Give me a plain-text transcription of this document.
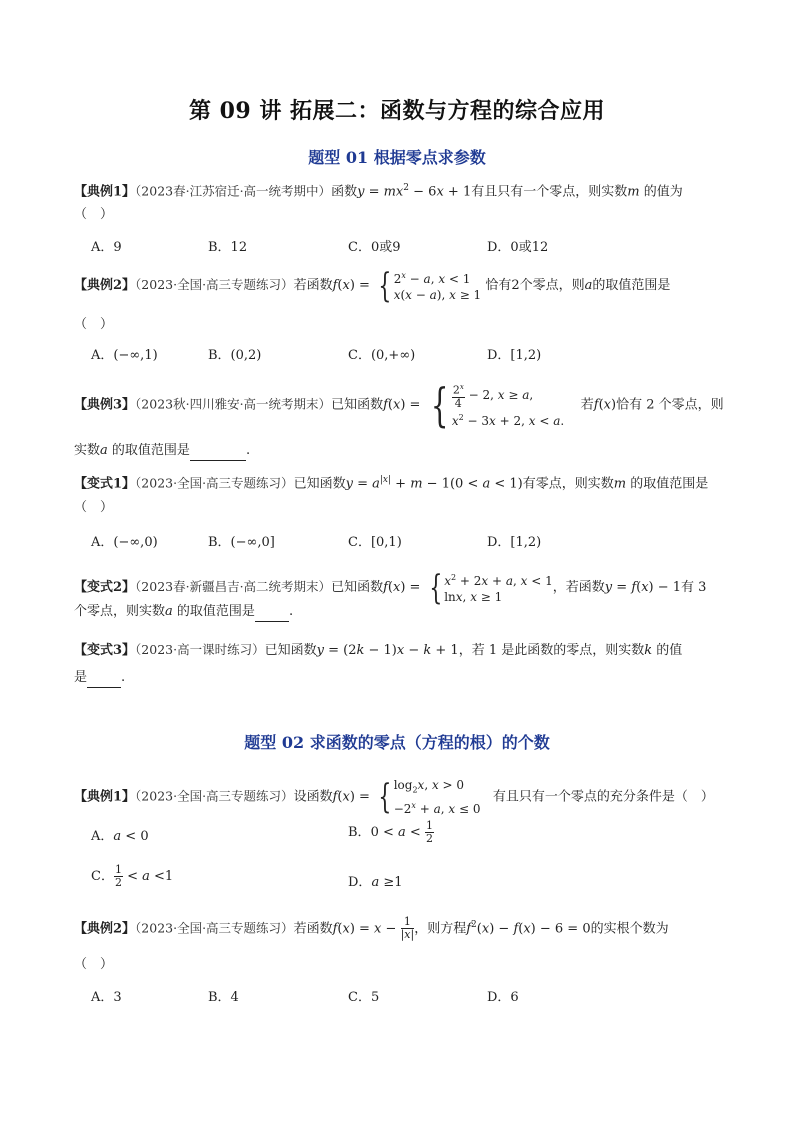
第 09 讲 拓展二：函数与方程的综合应用
题型 01 根据零点求参数
【典例1】（2023春·江苏宿迁·高一统考期中）函数$y = mx^2 - 6x + 1$有且只有一个零点，则实数m 的值为
（　）
A．9	B．12	C．0或9	D．0或12
【典例2】（2023·全国·高三专题练习）若函数f(x) = { $2^x - a$, x < 1
x(x − a), x ≥ 1 恰有2个零点，则a的取值范围是
（　）
A．(−∞,1)	B．(0,2)	C．(0,+∞)	D．[1,2)
【典例3】（2023秋·四川雅安·高一统考期末）已知函数f(x) = { $\frac{2^x}{4} - 2$, x ≥ a,
$x^2 - 3x + 2$, x < a.    若f(x)恰有 2 个零点，则
实数a 的取值范围是	.
【变式1】（2023·全国·高三专题练习）已知函数$y = a^{|x|} + m - 1(0 < a < 1)$有零点，则实数m 的取值范围是
（　）
A．(−∞,0)	B．(−∞,0]	C．[0,1)	D．[1,2)
【变式2】（2023春·新疆昌吉·高二统考期末）已知函数f(x) = { $x^2 + 2x + a$, x < 1
lnx, x ≥ 1，若函数y = f(x) − 1有 3
个零点，则实数a 的取值范围是	.
【变式3】（2023·高一课时练习）已知函数y = (2k − 1)x − k + 1，若 1 是此函数的零点，则实数k 的值
是	.
题型 02 求函数的零点（方程的根）的个数
【典例1】（2023·全国·高三专题练习）设函数f(x) = { $\log_2x$, x > 0
$-2^x + a$, x ≤ 0   有且只有一个零点的充分条件是（　）
A．a < 0	B．$0 < a < \frac{1}{2}$
C． $\frac{1}{2} < a <1$	D．a ≥1
【典例2】（2023·全国·高三专题练习）若函数$f(x) = x - \frac{1}{|x|}$ ，则方程$f^2(x) - f(x) - 6 = 0$的实根个数为
（　）
A．3	B．4	C．5	D．6
